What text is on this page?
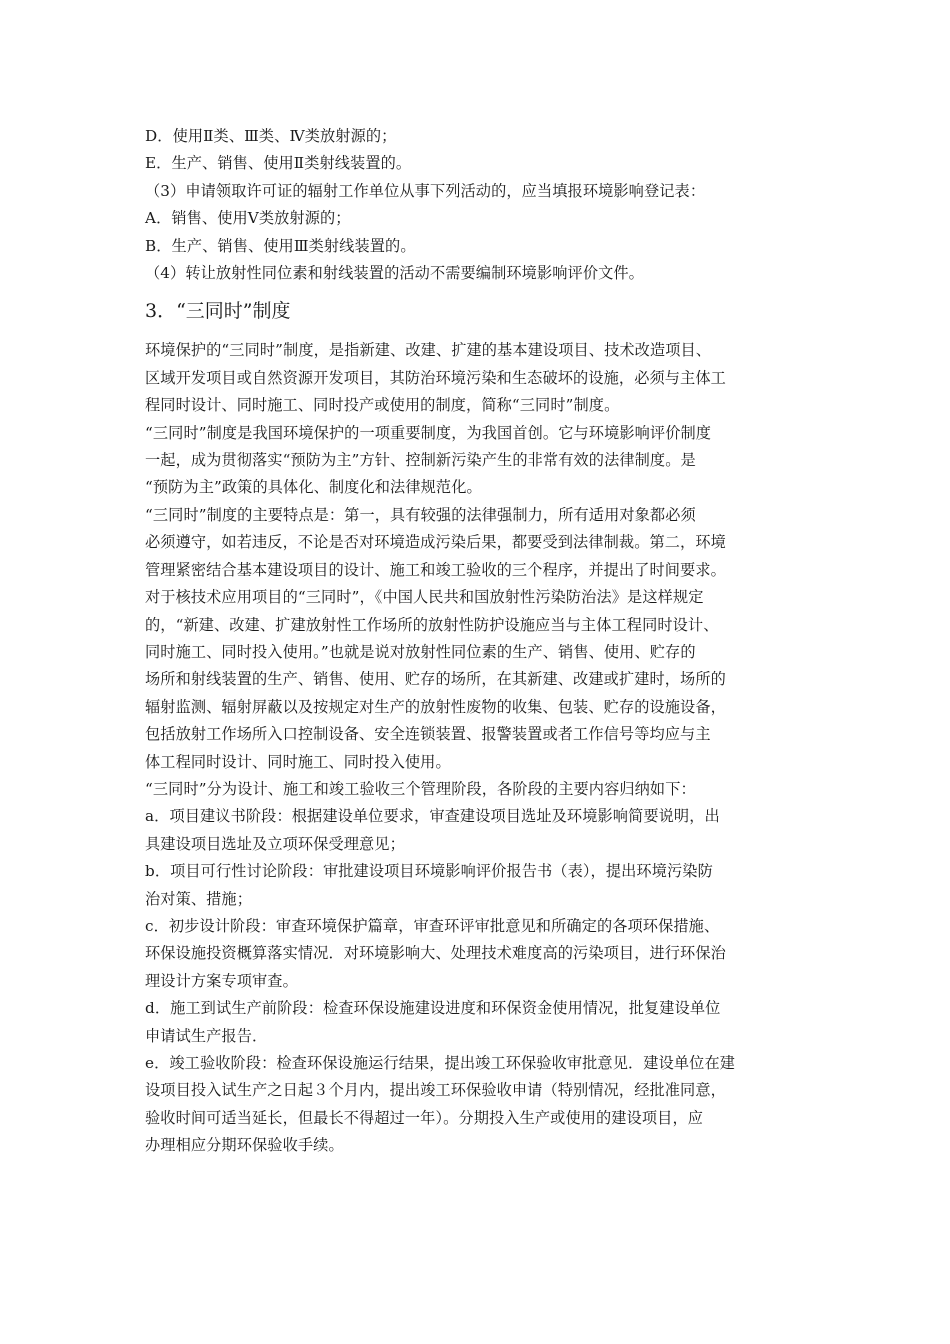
D．使用Ⅱ类、Ⅲ类、Ⅳ类放射源的；
E．生产、销售、使用Ⅱ类射线装置的。
（3）申请领取许可证的辐射工作单位从事下列活动的，应当填报环境影响登记表：
A．销售、使用Ⅴ类放射源的；
B．生产、销售、使用Ⅲ类射线装置的。
（4）转让放射性同位素和射线装置的活动不需要编制环境影响评价文件。
3．“三同时”制度
环境保护的“三同时”制度，是指新建、改建、扩建的基本建设项目、技术改造项目、
区域开发项目或自然资源开发项目，其防治环境污染和生态破坏的设施，必须与主体工
程同时设计、同时施工、同时投产或使用的制度，简称“三同时”制度。
“三同时”制度是我国环境保护的一项重要制度，为我国首创。它与环境影响评价制度
一起，成为贯彻落实“预防为主”方针、控制新污染产生的非常有效的法律制度。是
“预防为主”政策的具体化、制度化和法律规范化。
“三同时”制度的主要特点是：第一，具有较强的法律强制力，所有适用对象都必须
必须遵守，如若违反，不论是否对环境造成污染后果，都要受到法律制裁。第二，环境
管理紧密结合基本建设项目的设计、施工和竣工验收的三个程序，并提出了时间要求。
对于核技术应用项目的“三同时”，《中国人民共和国放射性污染防治法》是这样规定
的，“新建、改建、扩建放射性工作场所的放射性防护设施应当与主体工程同时设计、
同时施工、同时投入使用。”也就是说对放射性同位素的生产、销售、使用、贮存的
场所和射线装置的生产、销售、使用、贮存的场所，在其新建、改建或扩建时，场所的
辐射监测、辐射屏蔽以及按规定对生产的放射性废物的收集、包装、贮存的设施设备，
包括放射工作场所入口控制设备、安全连锁装置、报警装置或者工作信号等均应与主
体工程同时设计、同时施工、同时投入使用。
“三同时”分为设计、施工和竣工验收三个管理阶段，各阶段的主要内容归纳如下：
a．项目建议书阶段：根据建设单位要求，审查建设项目选址及环境影响简要说明，出
具建设项目选址及立项环保受理意见；
b．项目可行性讨论阶段：审批建设项目环境影响评价报告书（表），提出环境污染防
治对策、措施；
c．初步设计阶段：审查环境保护篇章，审查环评审批意见和所确定的各项环保措施、
环保设施投资概算落实情况．对环境影响大、处理技术难度高的污染项目，进行环保治
理设计方案专项审查。
d．施工到试生产前阶段：检查环保设施建设进度和环保资金使用情况，批复建设单位
申请试生产报告．
e．竣工验收阶段：检查环保设施运行结果，提出竣工环保验收审批意见．建设单位在建
设项目投入试生产之日起３个月内，提出竣工环保验收申请（特别情况，经批准同意，
验收时间可适当延长，但最长不得超过一年）。分期投入生产或使用的建设项目，应
办理相应分期环保验收手续。
